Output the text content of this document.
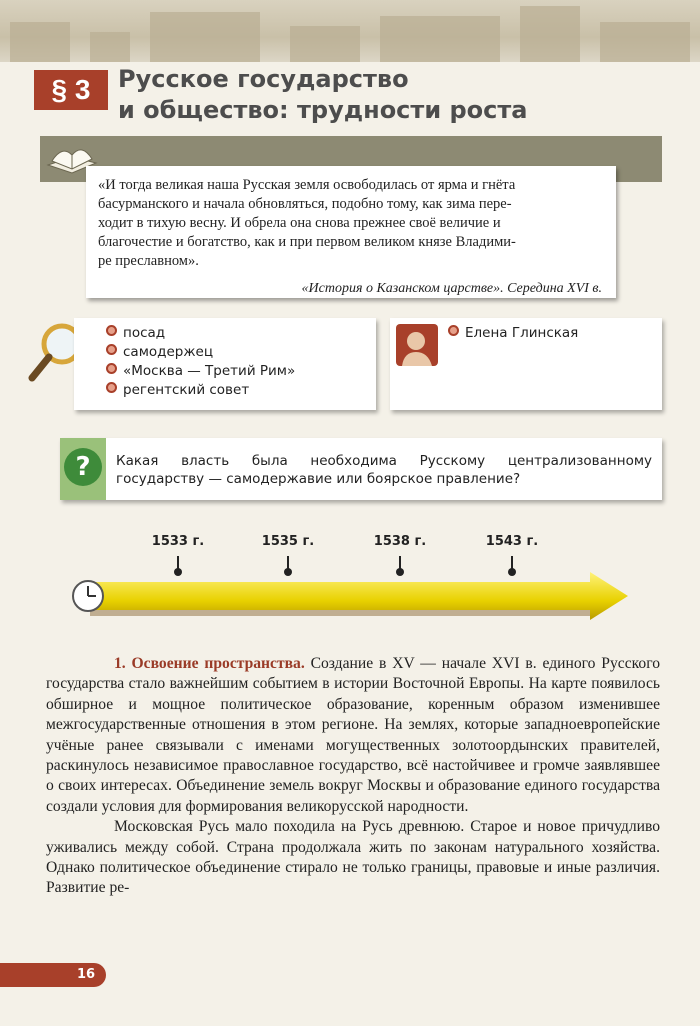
§ 3	Русское государство
и общество: трудности роста
«И тогда великая наша Русская земля освободилась от ярма и гнёта
басурманского и начала обновляться, подобно тому, как зима пере-
ходит в тихую весну. И обрела она снова прежнее своё величие и
благочестие и богатство, как и при первом великом князе Владими-
ре преславном».
«История о Казанском царстве». Середина XVI в.
посад
самодержец
«Москва — Третий Рим»
регентский совет
Елена Глинская
?	Какая власть была необходима Русскому централизованному государству — самодержавие или боярское правление?
1533 г.	1535 г.	1538 г.	1543 г.

1. Освоение пространства. Создание в XV — начале XVI в. единого Русского государства стало важнейшим событием в истории Восточной Европы. На карте появилось обширное и мощное политическое образование, коренным образом изменившее межгосударственные отношения в этом регионе. На землях, которые западноевропейские учёные ранее связывали с именами могущественных золотоордынских правителей, раскинулось независимое православное государство, всё настойчивее и громче заявлявшее о своих интересах. Объединение земель вокруг Москвы и образование единого государства создали условия для формирования великорусской народности.

Московская Русь мало походила на Русь древнюю. Старое и новое причудливо уживались между собой. Страна продолжала жить по законам натурального хозяйства. Однако политическое объединение стирало не только границы, правовые и иные различия. Развитие ре-

16
